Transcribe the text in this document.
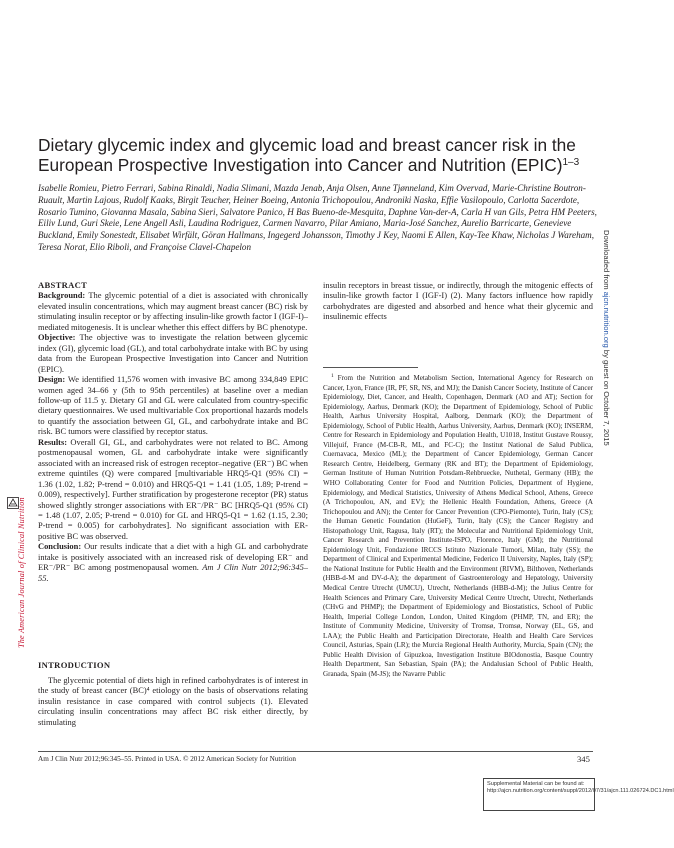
The American Journal of Clinical Nutrition
Downloaded from ajcn.nutrition.org by guest on October 7, 2015
Dietary glycemic index and glycemic load and breast cancer risk in the European Prospective Investigation into Cancer and Nutrition (EPIC)$^{1-3}$
Isabelle Romieu, Pietro Ferrari, Sabina Rinaldi, Nadia Slimani, Mazda Jenab, Anja Olsen, Anne Tjønneland, Kim Overvad, Marie-Christine Boutron-Ruault, Martin Lajous, Rudolf Kaaks, Birgit Teucher, Heiner Boeing, Antonia Trichopoulou, Androniki Naska, Effie Vasilopoulo, Carlotta Sacerdote, Rosario Tumino, Giovanna Masala, Sabina Sieri, Salvatore Panico, H Bas Bueno-de-Mesquita, Daphne Van-der-A, Carla H van Gils, Petra HM Peeters, Eiliv Lund, Guri Skeie, Lene Angell Asli, Laudina Rodriguez, Carmen Navarro, Pilar Amiano, Maria-José Sanchez, Aurelio Barricarte, Genevieve Buckland, Emily Sonestedt, Elisabet Wirfält, Göran Hallmans, Ingegerd Johansson, Timothy J Key, Naomi E Allen, Kay-Tee Khaw, Nicholas J Wareham, Teresa Norat, Elio Riboli, and Françoise Clavel-Chapelon
ABSTRACT

Background: The glycemic potential of a diet is associated with chronically elevated insulin concentrations, which may augment breast cancer (BC) risk by stimulating insulin receptor or by affecting insulin-like growth factor I (IGF-I)–mediated mitogenesis. It is unclear whether this effect differs by BC phenotype.

Objective: The objective was to investigate the relation between glycemic index (GI), glycemic load (GL), and total carbohydrate intake with BC by using data from the European Prospective Investigation into Cancer and Nutrition (EPIC).

Design: We identified 11,576 women with invasive BC among 334,849 EPIC women aged 34–66 y (5th to 95th percentiles) at baseline over a median follow-up of 11.5 y. Dietary GI and GL were calculated from country-specific dietary questionnaires. We used multivariable Cox proportional hazards models to quantify the association between GI, GL, and carbohydrate intake and BC risk. BC tumors were classified by receptor status.

Results: Overall GI, GL, and carbohydrates were not related to BC. Among postmenopausal women, GL and carbohydrate intake were significantly associated with an increased risk of estrogen receptor–negative (ER⁻) BC when extreme quintiles (Q) were compared [multivariable HRQ5-Q1 (95% CI) = 1.36 (1.02, 1.82; P-trend = 0.010) and HRQ5-Q1 = 1.41 (1.05, 1.89; P-trend = 0.009), respectively]. Further stratification by progesterone receptor (PR) status showed slightly stronger associations with ER⁻/PR⁻ BC [HRQ5-Q1 (95% CI) = 1.48 (1.07, 2.05; P-trend = 0.010) for GL and HRQ5-Q1 = 1.62 (1.15, 2.30; P-trend = 0.005) for carbohydrates]. No significant association with ER-positive BC was observed.

Conclusion: Our results indicate that a diet with a high GL and carbohydrate intake is positively associated with an increased risk of developing ER⁻ and ER⁻/PR⁻ BC among postmenopausal women. Am J Clin Nutr 2012;96:345–55.

INTRODUCTION

The glycemic potential of diets high in refined carbohydrates is of interest in the study of breast cancer (BC)⁴ etiology on the basis of observations relating insulin resistance in case compared with control subjects (1). Elevated circulating insulin concentrations may affect BC risk either directly, by stimulating

insulin receptors in breast tissue, or indirectly, through the mitogenic effects of insulin-like growth factor I (IGF-I) (2). Many factors influence how rapidly carbohydrates are digested and absorbed and hence what their glycemic and insulinemic effects

$^1$ From the Nutrition and Metabolism Section, International Agency for Research on Cancer, Lyon, France (IR, PF, SR, NS, and MJ); the Danish Cancer Society, Institute of Cancer Epidemiology, Diet, Cancer, and Health, Copenhagen, Denmark (AO and AT); Section for Epidemiology, Aarhus, Denmark (KO); the Department of Epidemiology, School of Public Health, Aarhus University Hospital, Aalborg, Denmark (KO); the Department of Epidemiology, School of Public Health, Aarhus University, Aarhus, Denmark (KO); INSERM, Centre for Research in Epidemiology and Population Health, U1018, Institut Gustave Roussy, Villejuif, France (M-CB-R, ML, and FC-C); the Institut National de Salud Publica, Cuernavaca, Mexico (ML); the Department of Cancer Epidemiology, German Cancer Research Centre, Heidelberg, Germany (RK and BT); the Department of Epidemiology, German Institute of Human Nutrition Potsdam-Rehbruecke, Nuthetal, Germany (HB); the WHO Collaborating Center for Food and Nutrition Policies, Department of Hygiene, Epidemiology, and Medical Statistics, University of Athens Medical School, Athens, Greece (A Trichopoulou, AN, and EV); the Hellenic Health Foundation, Athens, Greece (A Trichopoulou and AN); the Center for Cancer Prevention (CPO-Piemonte), Turin, Italy (CS); the Human Genetic Foundation (HuGeF), Turin, Italy (CS); the Cancer Registry and Histopathology Unit, Ragusa, Italy (RT); the Molecular and Nutritional Epidemiology Unit, Cancer Research and Prevention Institute-ISPO, Florence, Italy (GM); the Nutritional Epidemiology Unit, Fondazione IRCCS Istituto Nazionale Tumori, Milan, Italy (SS); the Department of Clinical and Experimental Medicine, Federico II University, Naples, Italy (SP); the National Institute for Public Health and the Environment (RIVM), Bilthoven, Netherlands (HBB-d-M and DV-d-A); the department of Gastroenterology and Hepatology, University Medical Centre Utrecht (UMCU), Utrecht, Netherlands (HBB-d-M); the Julius Centre for Health Sciences and Primary Care, University Medical Centre Utrecht, Utrecht, Netherlands (CHvG and PHMP); the Department of Epidemiology and Biostatistics, School of Public Health, Imperial College London, London, United Kingdom (PHMP, TN, and ER); the Institute of Community Medicine, University of Tromsø, Tromsø, Norway (EL, GS, and LAA); the Public Health and Participation Directorate, Health and Health Care Services Council, Asturias, Spain (LR); the Murcia Regional Health Authority, Murcia, Spain (CN); the Public Health Division of Gipuzkoa, Investigation Institute BIOdonostia, Basque Country Health Department, San Sebastian, Spain (PA); the Andalusian School of Public Health, Granada, Spain (M-JS); the Navarre Public

Am J Clin Nutr 2012;96:345–55. Printed in USA. © 2012 American Society for Nutrition	345
Supplemental Material can be found at: http://ajcn.nutrition.org/content/suppl/2012/07/31/ajcn.111.026724.DC1.html
